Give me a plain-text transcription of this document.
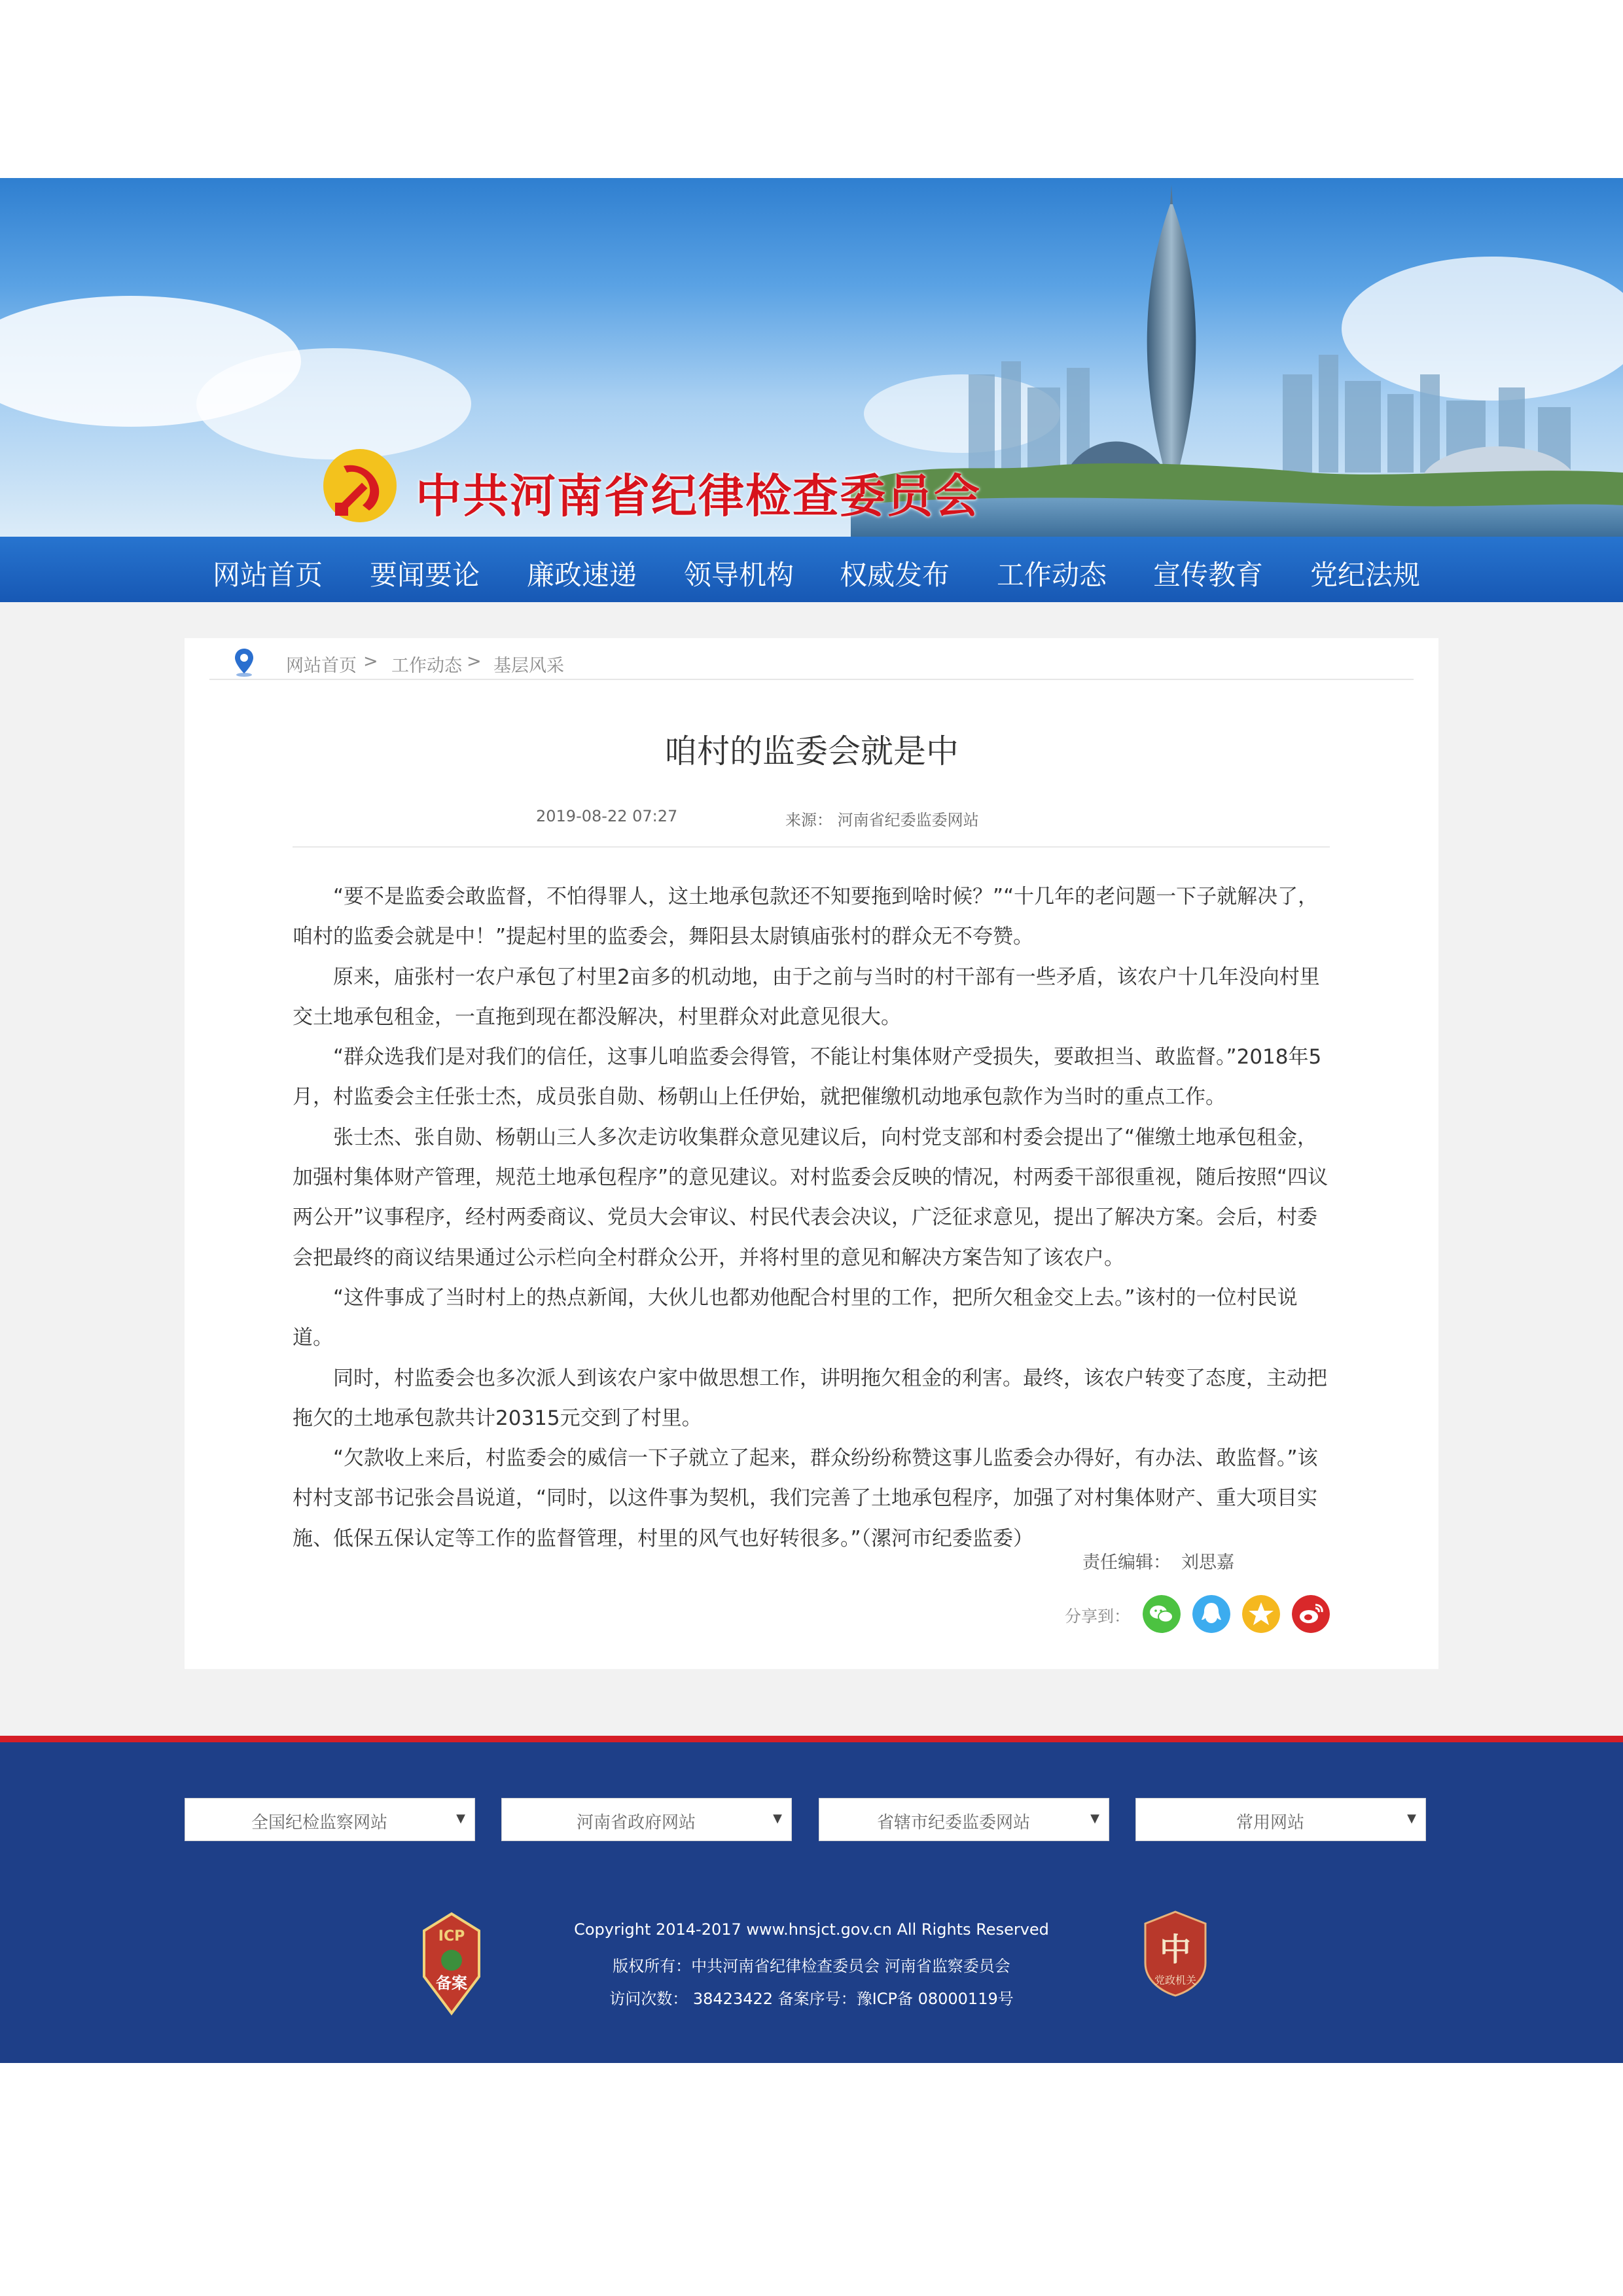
中共河南省纪律检查委员会
网站首页 要闻要论 廉政速递 领导机构 权威发布 工作动态 宣传教育 党纪法规
网站首页 > 工作动态 > 基层风采
咱村的监委会就是中
2019-08-22 07:27	来源： 河南省纪委监委网站

“要不是监委会敢监督，不怕得罪人，这土地承包款还不知要拖到啥时候？”“十几年的老问题一下子就解决了，咱村的监委会就是中！”提起村里的监委会，舞阳县太尉镇庙张村的群众无不夸赞。

原来，庙张村一农户承包了村里2亩多的机动地，由于之前与当时的村干部有一些矛盾，该农户十几年没向村里交土地承包租金，一直拖到现在都没解决，村里群众对此意见很大。

“群众选我们是对我们的信任，这事儿咱监委会得管，不能让村集体财产受损失，要敢担当、敢监督。”2018年5月，村监委会主任张士杰，成员张自勋、杨朝山上任伊始，就把催缴机动地承包款作为当时的重点工作。

张士杰、张自勋、杨朝山三人多次走访收集群众意见建议后，向村党支部和村委会提出了“催缴土地承包租金，加强村集体财产管理，规范土地承包程序”的意见建议。对村监委会反映的情况，村两委干部很重视，随后按照“四议两公开”议事程序，经村两委商议、党员大会审议、村民代表会决议，广泛征求意见，提出了解决方案。会后，村委会把最终的商议结果通过公示栏向全村群众公开，并将村里的意见和解决方案告知了该农户。

“这件事成了当时村上的热点新闻，大伙儿也都劝他配合村里的工作，把所欠租金交上去。”该村的一位村民说道。

同时，村监委会也多次派人到该农户家中做思想工作，讲明拖欠租金的利害。最终，该农户转变了态度，主动把拖欠的土地承包款共计20315元交到了村里。

“欠款收上来后，村监委会的威信一下子就立了起来，群众纷纷称赞这事儿监委会办得好，有办法、敢监督。”该村村支部书记张会昌说道，“同时，以这件事为契机，我们完善了土地承包程序，加强了对村集体财产、重大项目实施、低保五保认定等工作的监督管理，村里的风气也好转很多。”（漯河市纪委监委）

责任编辑： 刘思嘉
分享到：
全国纪检监察网站	▼	河南省政府网站	▼	省辖市纪委监委网站	▼	常用网站	▼
ICP
备案
Copyright 2014-2017 www.hnsjct.gov.cn All Rights Reserved
版权所有：中共河南省纪律检查委员会 河南省监察委员会
访问次数： 38423422 备案序号：豫ICP备 08000119号
中
党政机关
